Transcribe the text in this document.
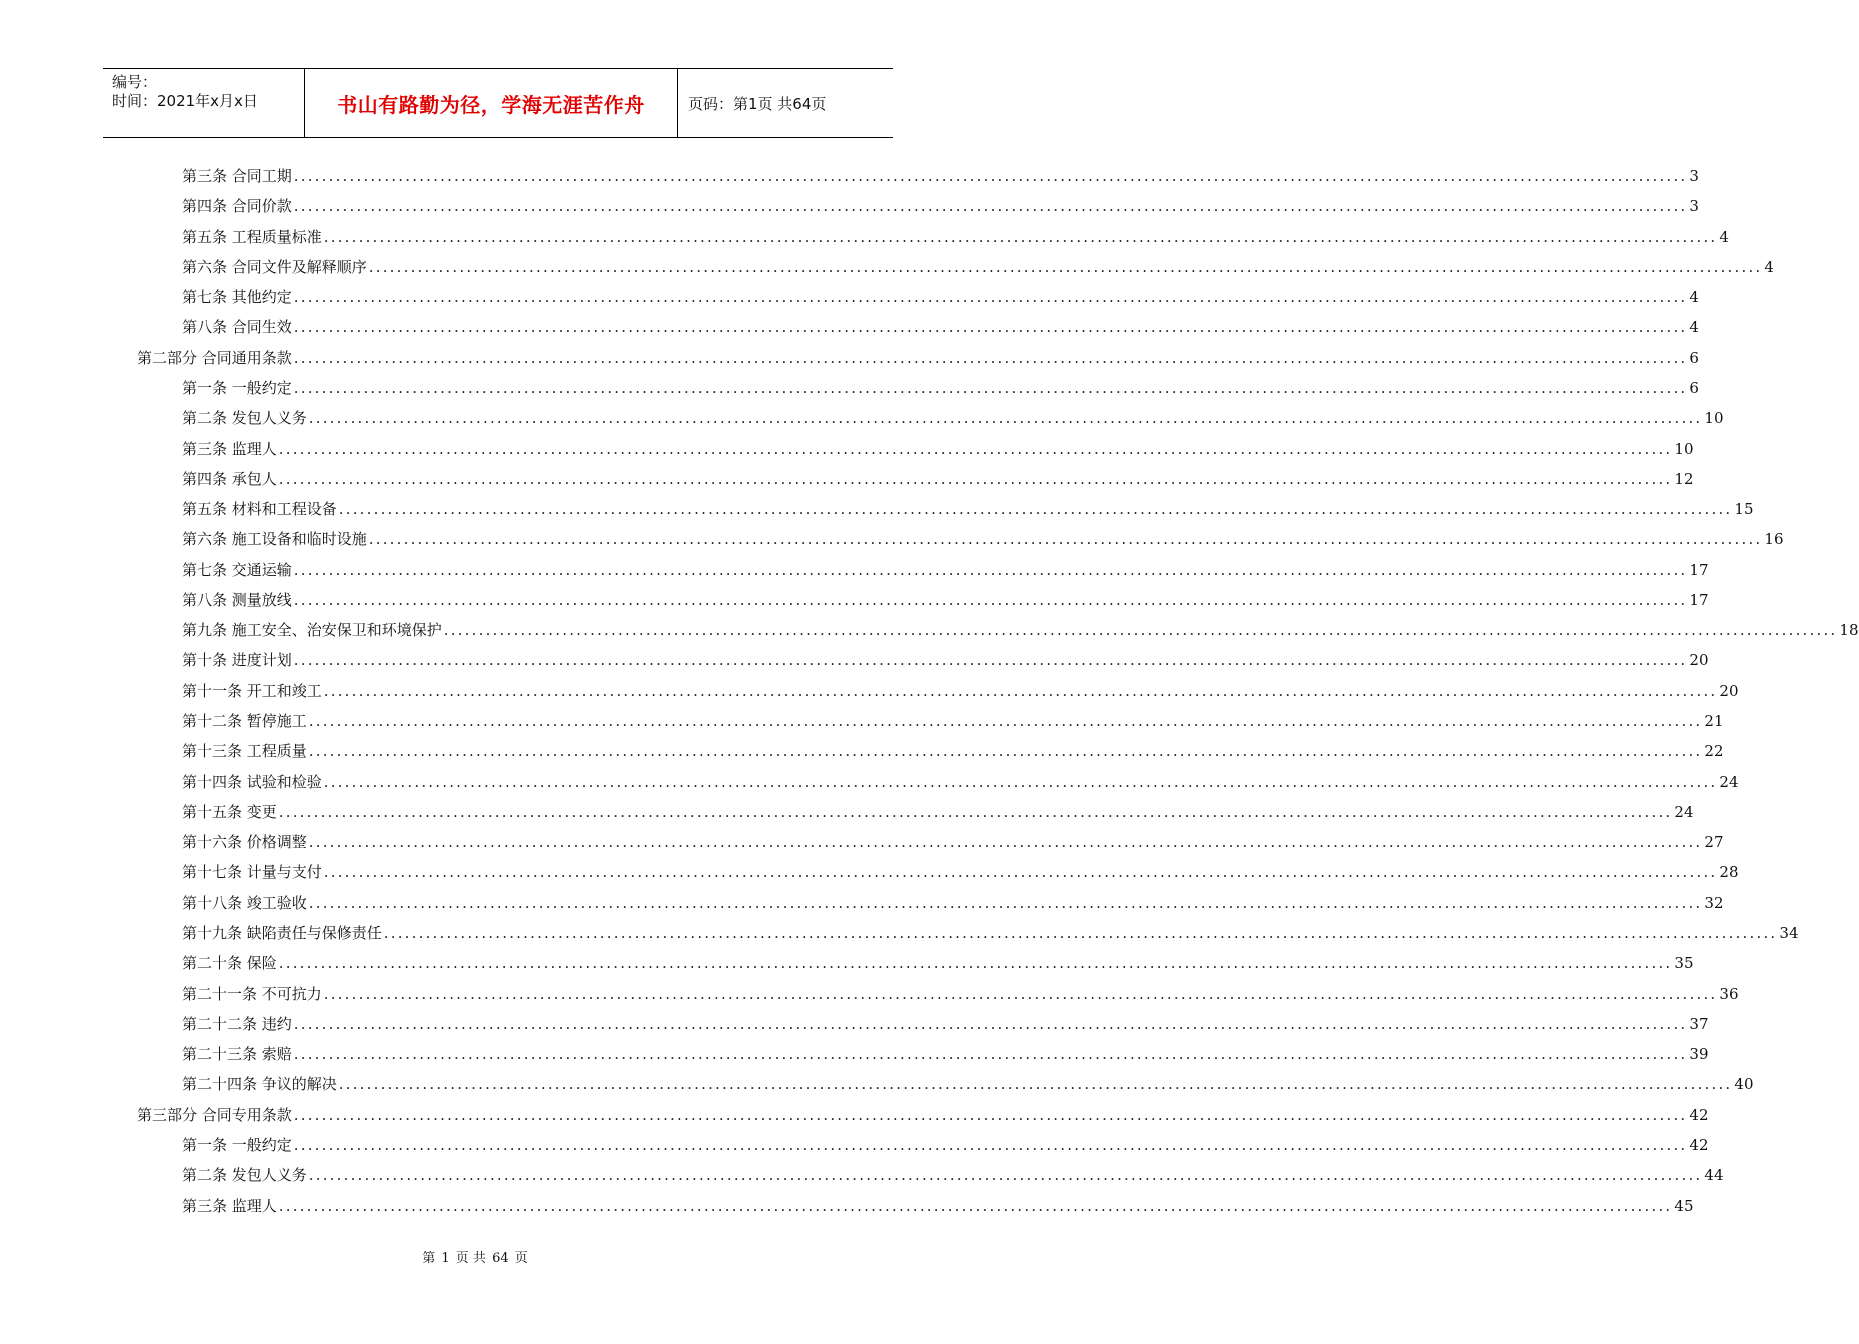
编号：
时间：2021年x月x日	书山有路勤为径，学海无涯苦作舟	页码：第1页 共64页
第三条 合同工期 ........................................................................................................................................................................................................ 3
第四条 合同价款 ........................................................................................................................................................................................................ 3
第五条 工程质量标准 ........................................................................................................................................................................................................ 4
第六条 合同文件及解释顺序 ........................................................................................................................................................................................................ 4
第七条 其他约定 ........................................................................................................................................................................................................ 4
第八条 合同生效 ........................................................................................................................................................................................................ 4
第二部分 合同通用条款 ........................................................................................................................................................................................................ 6
第一条 一般约定 ........................................................................................................................................................................................................ 6
第二条 发包人义务 ........................................................................................................................................................................................................ 10
第三条 监理人 ........................................................................................................................................................................................................ 10
第四条 承包人 ........................................................................................................................................................................................................ 12
第五条 材料和工程设备 ........................................................................................................................................................................................................ 15
第六条 施工设备和临时设施 ........................................................................................................................................................................................................ 16
第七条 交通运输 ........................................................................................................................................................................................................ 17
第八条 测量放线 ........................................................................................................................................................................................................ 17
第九条 施工安全、治安保卫和环境保护 ........................................................................................................................................................................................................ 18
第十条 进度计划 ........................................................................................................................................................................................................ 20
第十一条 开工和竣工 ........................................................................................................................................................................................................ 20
第十二条 暂停施工 ........................................................................................................................................................................................................ 21
第十三条 工程质量 ........................................................................................................................................................................................................ 22
第十四条 试验和检验 ........................................................................................................................................................................................................ 24
第十五条 变更 ........................................................................................................................................................................................................ 24
第十六条 价格调整 ........................................................................................................................................................................................................ 27
第十七条 计量与支付 ........................................................................................................................................................................................................ 28
第十八条 竣工验收 ........................................................................................................................................................................................................ 32
第十九条 缺陷责任与保修责任 ........................................................................................................................................................................................................ 34
第二十条 保险 ........................................................................................................................................................................................................ 35
第二十一条 不可抗力 ........................................................................................................................................................................................................ 36
第二十二条 违约 ........................................................................................................................................................................................................ 37
第二十三条 索赔 ........................................................................................................................................................................................................ 39
第二十四条 争议的解决 ........................................................................................................................................................................................................ 40
第三部分 合同专用条款 ........................................................................................................................................................................................................ 42
第一条 一般约定 ........................................................................................................................................................................................................ 42
第二条 发包人义务 ........................................................................................................................................................................................................ 44
第三条 监理人 ........................................................................................................................................................................................................ 45
第 1 页 共 64 页
